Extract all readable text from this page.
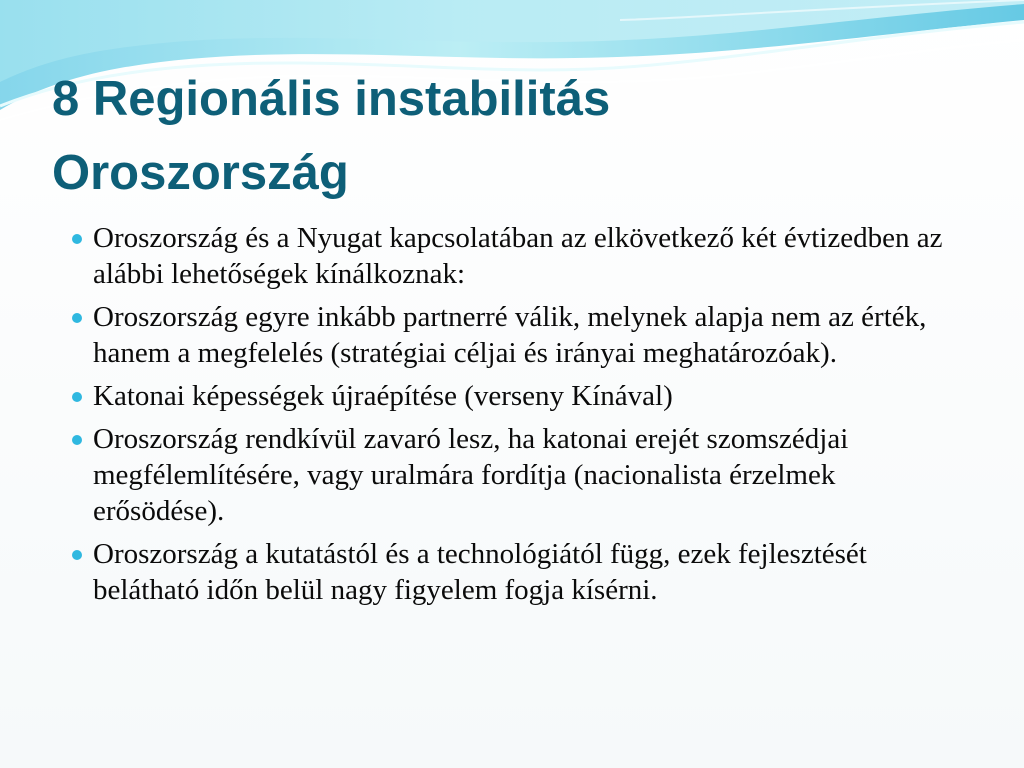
8 Regionális instabilitás
Oroszország
Oroszország és a Nyugat kapcsolatában az elkövetkező két évtizedben az alábbi lehetőségek kínálkoznak:
Oroszország egyre inkább partnerré válik, melynek alapja nem az érték, hanem a megfelelés (stratégiai céljai és irányai meghatározóak).
Katonai képességek újraépítése (verseny Kínával)
Oroszország rendkívül zavaró lesz, ha katonai erejét szomszédjai megfélemlítésére, vagy uralmára fordítja (nacionalista érzelmek erősödése).
Oroszország a kutatástól és a technológiától függ, ezek fejlesztését belátható időn belül nagy figyelem fogja kísérni.
